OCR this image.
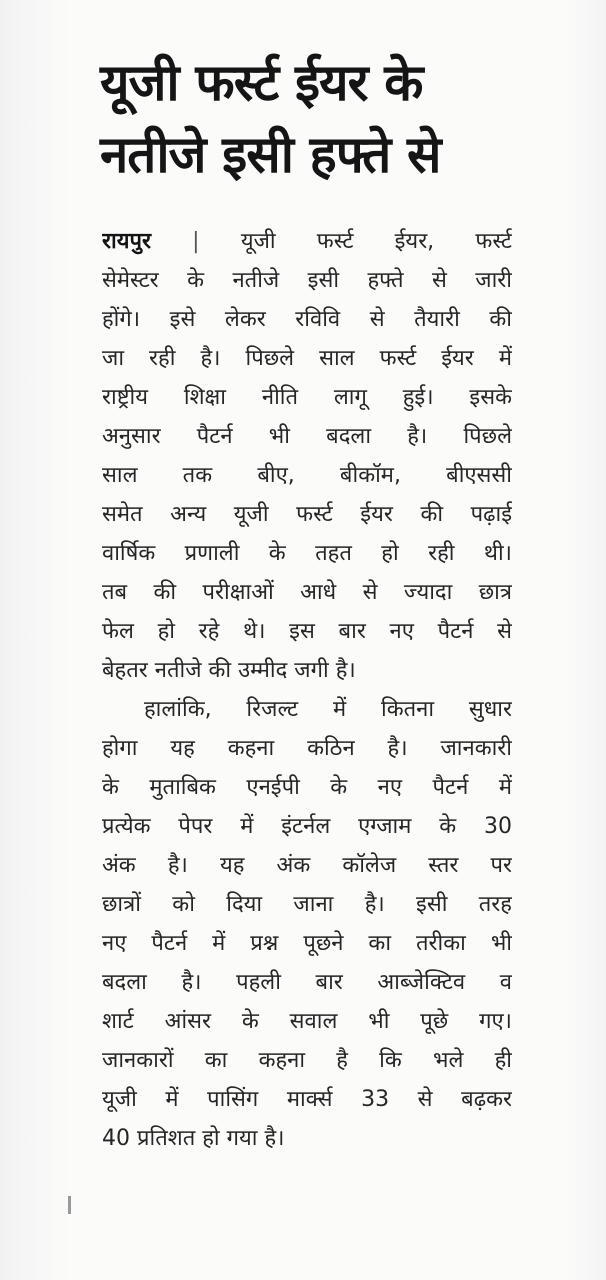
यूजी फर्स्ट ईयर के
नतीजे इसी हफ्ते से
रायपुर | यूजी फर्स्ट ईयर, फर्स्ट
सेमेस्टर के नतीजे इसी हफ्ते से जारी
होंगे। इसे लेकर रविवि से तैयारी की
जा रही है। पिछले साल फर्स्ट ईयर में
राष्ट्रीय शिक्षा नीति लागू हुई। इसके
अनुसार पैटर्न भी बदला है। पिछले
साल तक बीए, बीकॉम, बीएससी
समेत अन्य यूजी फर्स्ट ईयर की पढ़ाई
वार्षिक प्रणाली के तहत हो रही थी।
तब की परीक्षाओं आधे से ज्यादा छात्र
फेल हो रहे थे। इस बार नए पैटर्न से
बेहतर नतीजे की उम्मीद जगी है।
हालांकि, रिजल्ट में कितना सुधार
होगा यह कहना कठिन है। जानकारी
के मुताबिक एनईपी के नए पैटर्न में
प्रत्येक पेपर में इंटर्नल एग्जाम के 30
अंक है। यह अंक कॉलेज स्तर पर
छात्रों को दिया जाना है। इसी तरह
नए पैटर्न में प्रश्न पूछने का तरीका भी
बदला है। पहली बार आब्जेक्टिव व
शार्ट आंसर के सवाल भी पूछे गए।
जानकारों का कहना है कि भले ही
यूजी में पासिंग मार्क्स 33 से बढ़कर
40 प्रतिशत हो गया है।
